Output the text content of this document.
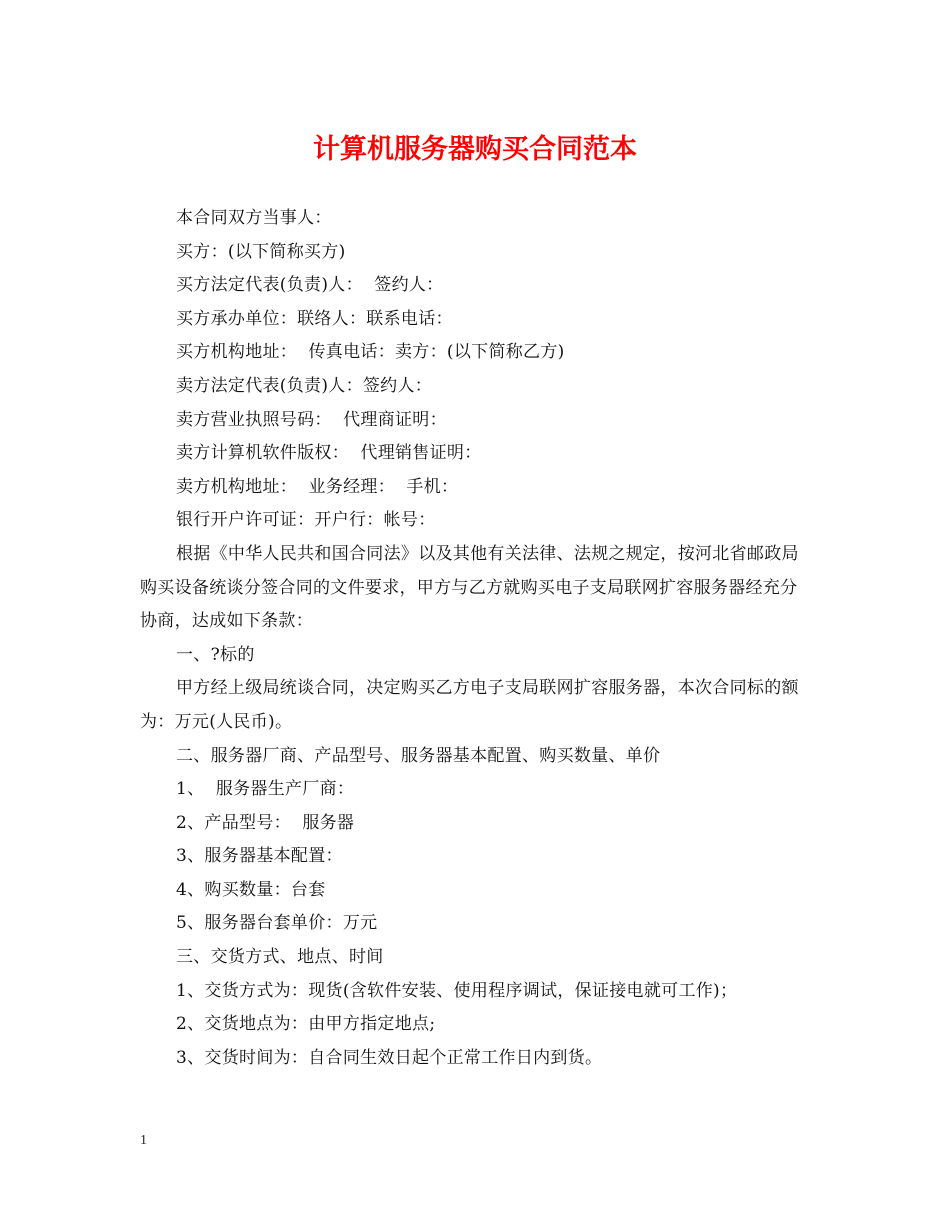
计算机服务器购买合同范本

本合同双方当事人：

买方：(以下简称买方)

买方法定代表(负责)人：  签约人：

买方承办单位：联络人：联系电话：

买方机构地址：  传真电话：卖方：(以下简称乙方)

卖方法定代表(负责)人：签约人：

卖方营业执照号码：  代理商证明：

卖方计算机软件版权：  代理销售证明：

卖方机构地址：  业务经理：  手机：

银行开户许可证：开户行：帐号：

根据《中华人民共和国合同法》以及其他有关法律、法规之规定，按河北省邮政局购买设备统谈分签合同的文件要求，甲方与乙方就购买电子支局联网扩容服务器经充分协商，达成如下条款：

一、?标的

甲方经上级局统谈合同，决定购买乙方电子支局联网扩容服务器，本次合同标的额为：万元(人民币)。

二、服务器厂商、产品型号、服务器基本配置、购买数量、单价

1、  服务器生产厂商：

2、产品型号：  服务器

3、服务器基本配置：

4、购买数量：台套

5、服务器台套单价：万元

三、交货方式、地点、时间

1、交货方式为：现货(含软件安装、使用程序调试，保证接电就可工作)；

2、交货地点为：由甲方指定地点;

3、交货时间为：自合同生效日起个正常工作日内到货。

1
